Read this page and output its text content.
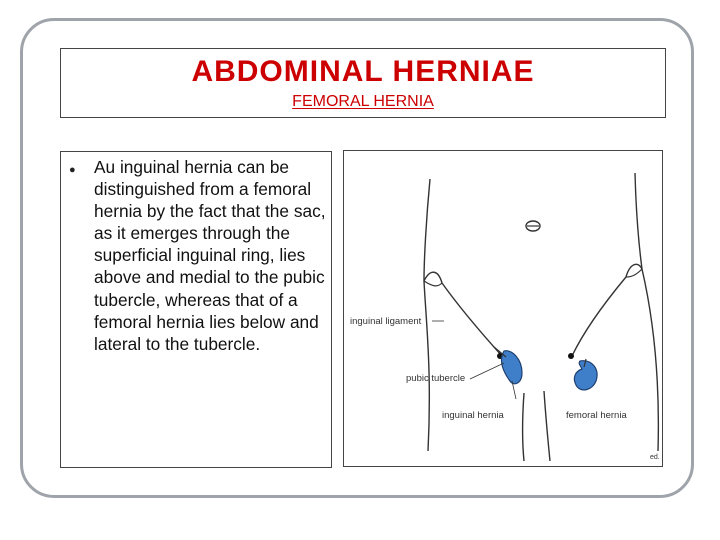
ABDOMINAL HERNIAE
FEMORAL HERNIA
● Au inguinal hernia can be distinguished from a femoral hernia by the fact that the sac, as it emerges through the superficial inguinal ring, lies above and medial to the pubic tubercle, whereas that of a femoral hernia lies below and lateral to the tubercle.
inguinal ligament
pubic tubercle
inguinal hernia	femoral hernia
ed.
